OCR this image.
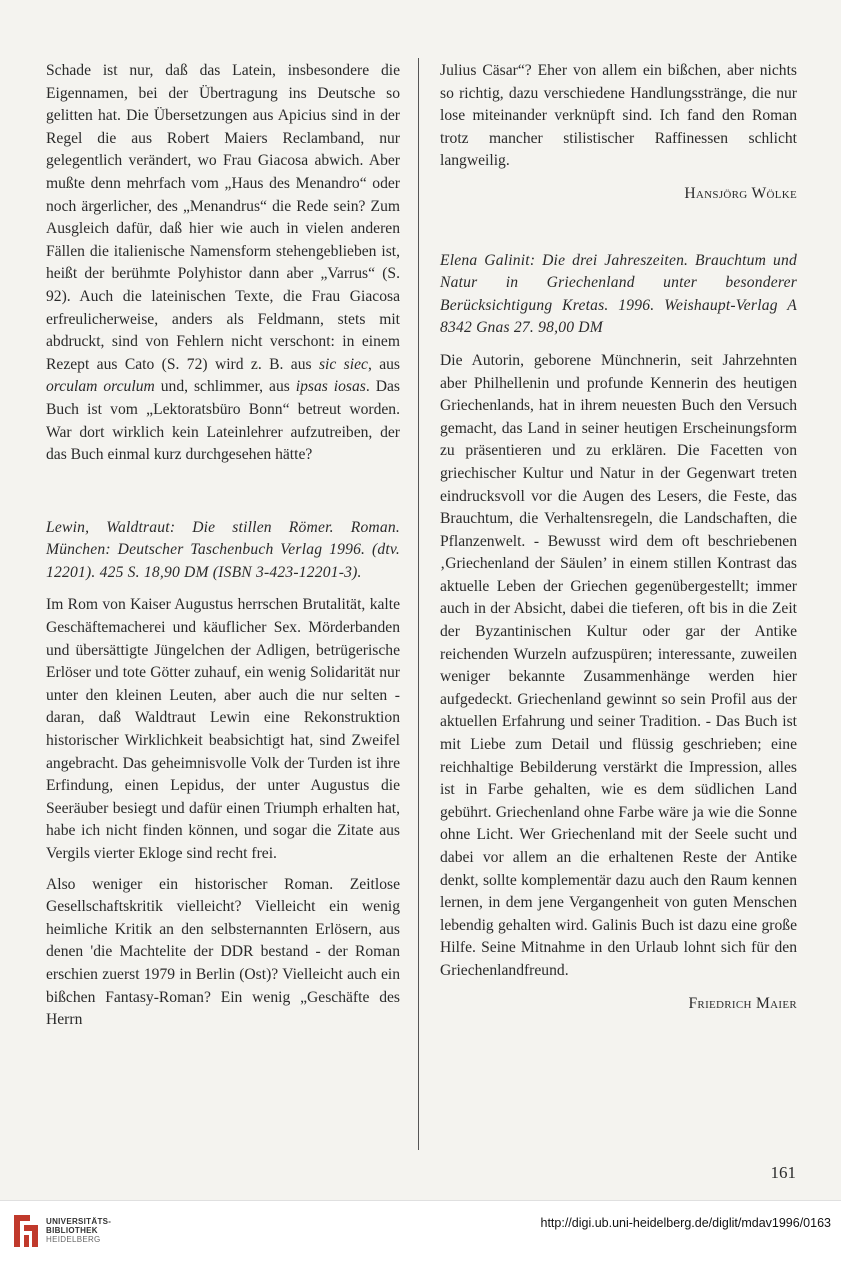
Schade ist nur, daß das Latein, insbesondere die Eigennamen, bei der Übertragung ins Deutsche so gelitten hat. Die Übersetzungen aus Apicius sind in der Regel die aus Robert Maiers Reclamband, nur gelegentlich verändert, wo Frau Giacosa abwich. Aber mußte denn mehrfach vom „Haus des Menandro“ oder noch ärgerlicher, des „Menandrus“ die Rede sein? Zum Ausgleich dafür, daß hier wie auch in vielen anderen Fällen die italienische Namensform stehengeblieben ist, heißt der berühmte Polyhistor dann aber „Varrus“ (S. 92). Auch die lateinischen Texte, die Frau Giacosa erfreulicherweise, anders als Feldmann, stets mit abdruckt, sind von Fehlern nicht verschont: in einem Rezept aus Cato (S. 72) wird z. B. aus sic siec, aus orculam orculum und, schlimmer, aus ipsas iosas. Das Buch ist vom „Lektoratsbüro Bonn“ betreut worden. War dort wirklich kein Lateinlehrer aufzutreiben, der das Buch einmal kurz durchgesehen hätte?

Lewin, Waldtraut: Die stillen Römer. Roman. München: Deutscher Taschenbuch Verlag 1996. (dtv. 12201). 425 S. 18,90 DM (ISBN 3-423-12201-3).

Im Rom von Kaiser Augustus herrschen Brutalität, kalte Geschäftemacherei und käuflicher Sex. Mörderbanden und übersättigte Jüngelchen der Adligen, betrügerische Erlöser und tote Götter zuhauf, ein wenig Solidarität nur unter den kleinen Leuten, aber auch die nur selten - daran, daß Waldtraut Lewin eine Rekonstruktion historischer Wirklichkeit beabsichtigt hat, sind Zweifel angebracht. Das geheimnisvolle Volk der Turden ist ihre Erfindung, einen Lepidus, der unter Augustus die Seeräuber besiegt und dafür einen Triumph erhalten hat, habe ich nicht finden können, und sogar die Zitate aus Vergils vierter Ekloge sind recht frei.

Also weniger ein historischer Roman. Zeitlose Gesellschaftskritik vielleicht? Vielleicht ein wenig heimliche Kritik an den selbsternannten Erlösern, aus denen 'die Machtelite der DDR bestand - der Roman erschien zuerst 1979 in Berlin (Ost)? Vielleicht auch ein bißchen Fantasy-Roman? Ein wenig „Geschäfte des Herrn

Julius Cäsar“? Eher von allem ein bißchen, aber nichts so richtig, dazu verschiedene Handlungsstränge, die nur lose miteinander verknüpft sind. Ich fand den Roman trotz mancher stilistischer Raffinessen schlicht langweilig.

Hansjörg Wölke

Elena Galinit: Die drei Jahreszeiten. Brauchtum und Natur in Griechenland unter besonderer Berücksichtigung Kretas. 1996. Weishaupt-Verlag A 8342 Gnas 27. 98,00 DM

Die Autorin, geborene Münchnerin, seit Jahrzehnten aber Philhellenin und profunde Kennerin des heutigen Griechenlands, hat in ihrem neuesten Buch den Versuch gemacht, das Land in seiner heutigen Erscheinungsform zu präsentieren und zu erklären. Die Facetten von griechischer Kultur und Natur in der Gegenwart treten eindrucksvoll vor die Augen des Lesers, die Feste, das Brauchtum, die Verhaltensregeln, die Landschaften, die Pflanzenwelt. - Bewusst wird dem oft beschriebenen ‚Griechenland der Säulen’ in einem stillen Kontrast das aktuelle Leben der Griechen gegenübergestellt; immer auch in der Absicht, dabei die tieferen, oft bis in die Zeit der Byzantinischen Kultur oder gar der Antike reichenden Wurzeln aufzuspüren; interessante, zuweilen weniger bekannte Zusammenhänge werden hier aufgedeckt. Griechenland gewinnt so sein Profil aus der aktuellen Erfahrung und seiner Tradition. - Das Buch ist mit Liebe zum Detail und flüssig geschrieben; eine reichhaltige Bebilderung verstärkt die Impression, alles ist in Farbe gehalten, wie es dem südlichen Land gebührt. Griechenland ohne Farbe wäre ja wie die Sonne ohne Licht. Wer Griechenland mit der Seele sucht und dabei vor allem an die erhaltenen Reste der Antike denkt, sollte komplementär dazu auch den Raum kennen lernen, in dem jene Vergangenheit von guten Menschen lebendig gehalten wird. Galinis Buch ist dazu eine große Hilfe. Seine Mitnahme in den Urlaub lohnt sich für den Griechenlandfreund.

Friedrich Maier

161
UNIVERSITÄTS-
BIBLIOTHEK
HEIDELBERG
http://digi.ub.uni-heidelberg.de/diglit/mdav1996/0163
